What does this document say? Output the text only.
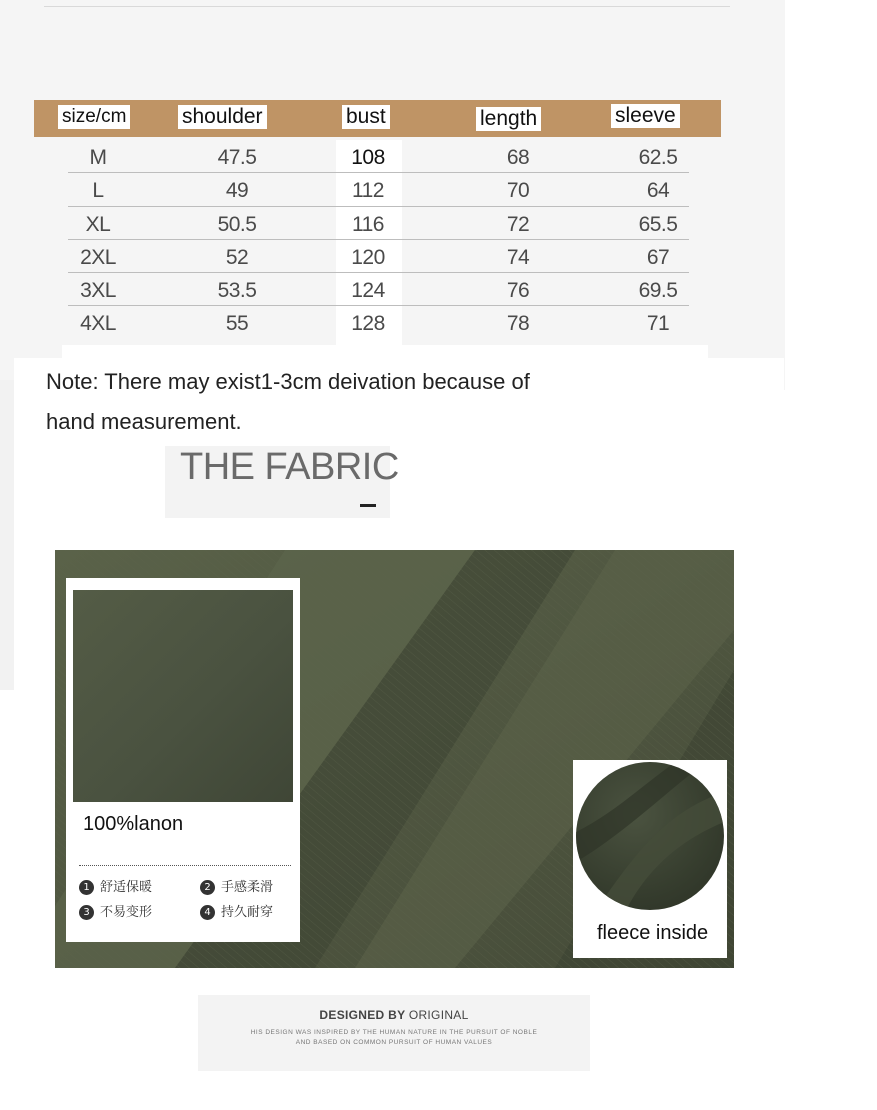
size/cm	shoulder	bust	length	sleeve
M	47.5	108	68	62.5
L	49	112	70	64
XL	50.5	116	72	65.5
2XL	52	120	74	67
3XL	53.5	124	76	69.5
4XL	55	128	78	71
Note: There may exist1-3cm deivation because of
hand measurement.
THE FABRIC
100%lanon
1 舒适保暖	2 手感柔滑
3 不易变形	4 持久耐穿
fleece inside
DESIGNED BY ORIGINAL
HIS DESIGN WAS INSPIRED BY THE HUMAN NATURE IN THE PURSUIT OF NOBLE
AND BASED ON COMMON PURSUIT OF HUMAN VALUES
